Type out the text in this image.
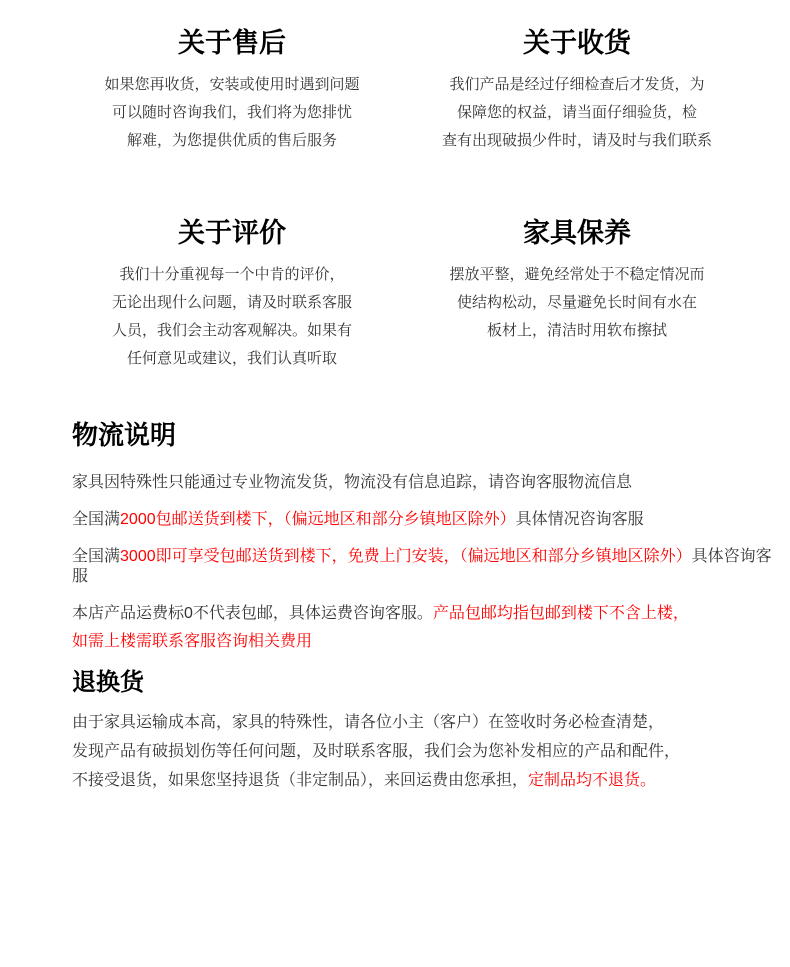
关于售后
如果您再收货，安装或使用时遇到问题
可以随时咨询我们，我们将为您排忧
解难，为您提供优质的售后服务
关于收货
我们产品是经过仔细检查后才发货，为
保障您的权益，请当面仔细验货，检
查有出现破损少件时，请及时与我们联系
关于评价
我们十分重视每一个中肯的评价，
无论出现什么问题，请及时联系客服
人员，我们会主动客观解决。如果有
任何意见或建议，我们认真听取
家具保养
摆放平整，避免经常处于不稳定情况而
使结构松动，尽量避免长时间有水在
板材上，清洁时用软布擦拭
物流说明
家具因特殊性只能通过专业物流发货，物流没有信息追踪，请咨询客服物流信息
全国满2000包邮送货到楼下，（偏远地区和部分乡镇地区除外）具体情况咨询客服
全国满3000即可享受包邮送货到楼下，免费上门安装，（偏远地区和部分乡镇地区除外）具体咨询客服
本店产品运费标0不代表包邮，具体运费咨询客服。产品包邮均指包邮到楼下不含上楼，
如需上楼需联系客服咨询相关费用
退换货
由于家具运输成本高，家具的特殊性，请各位小主（客户）在签收时务必检查清楚，
发现产品有破损划伤等任何问题，及时联系客服，我们会为您补发相应的产品和配件，
不接受退货，如果您坚持退货（非定制品），来回运费由您承担，定制品均不退货。
